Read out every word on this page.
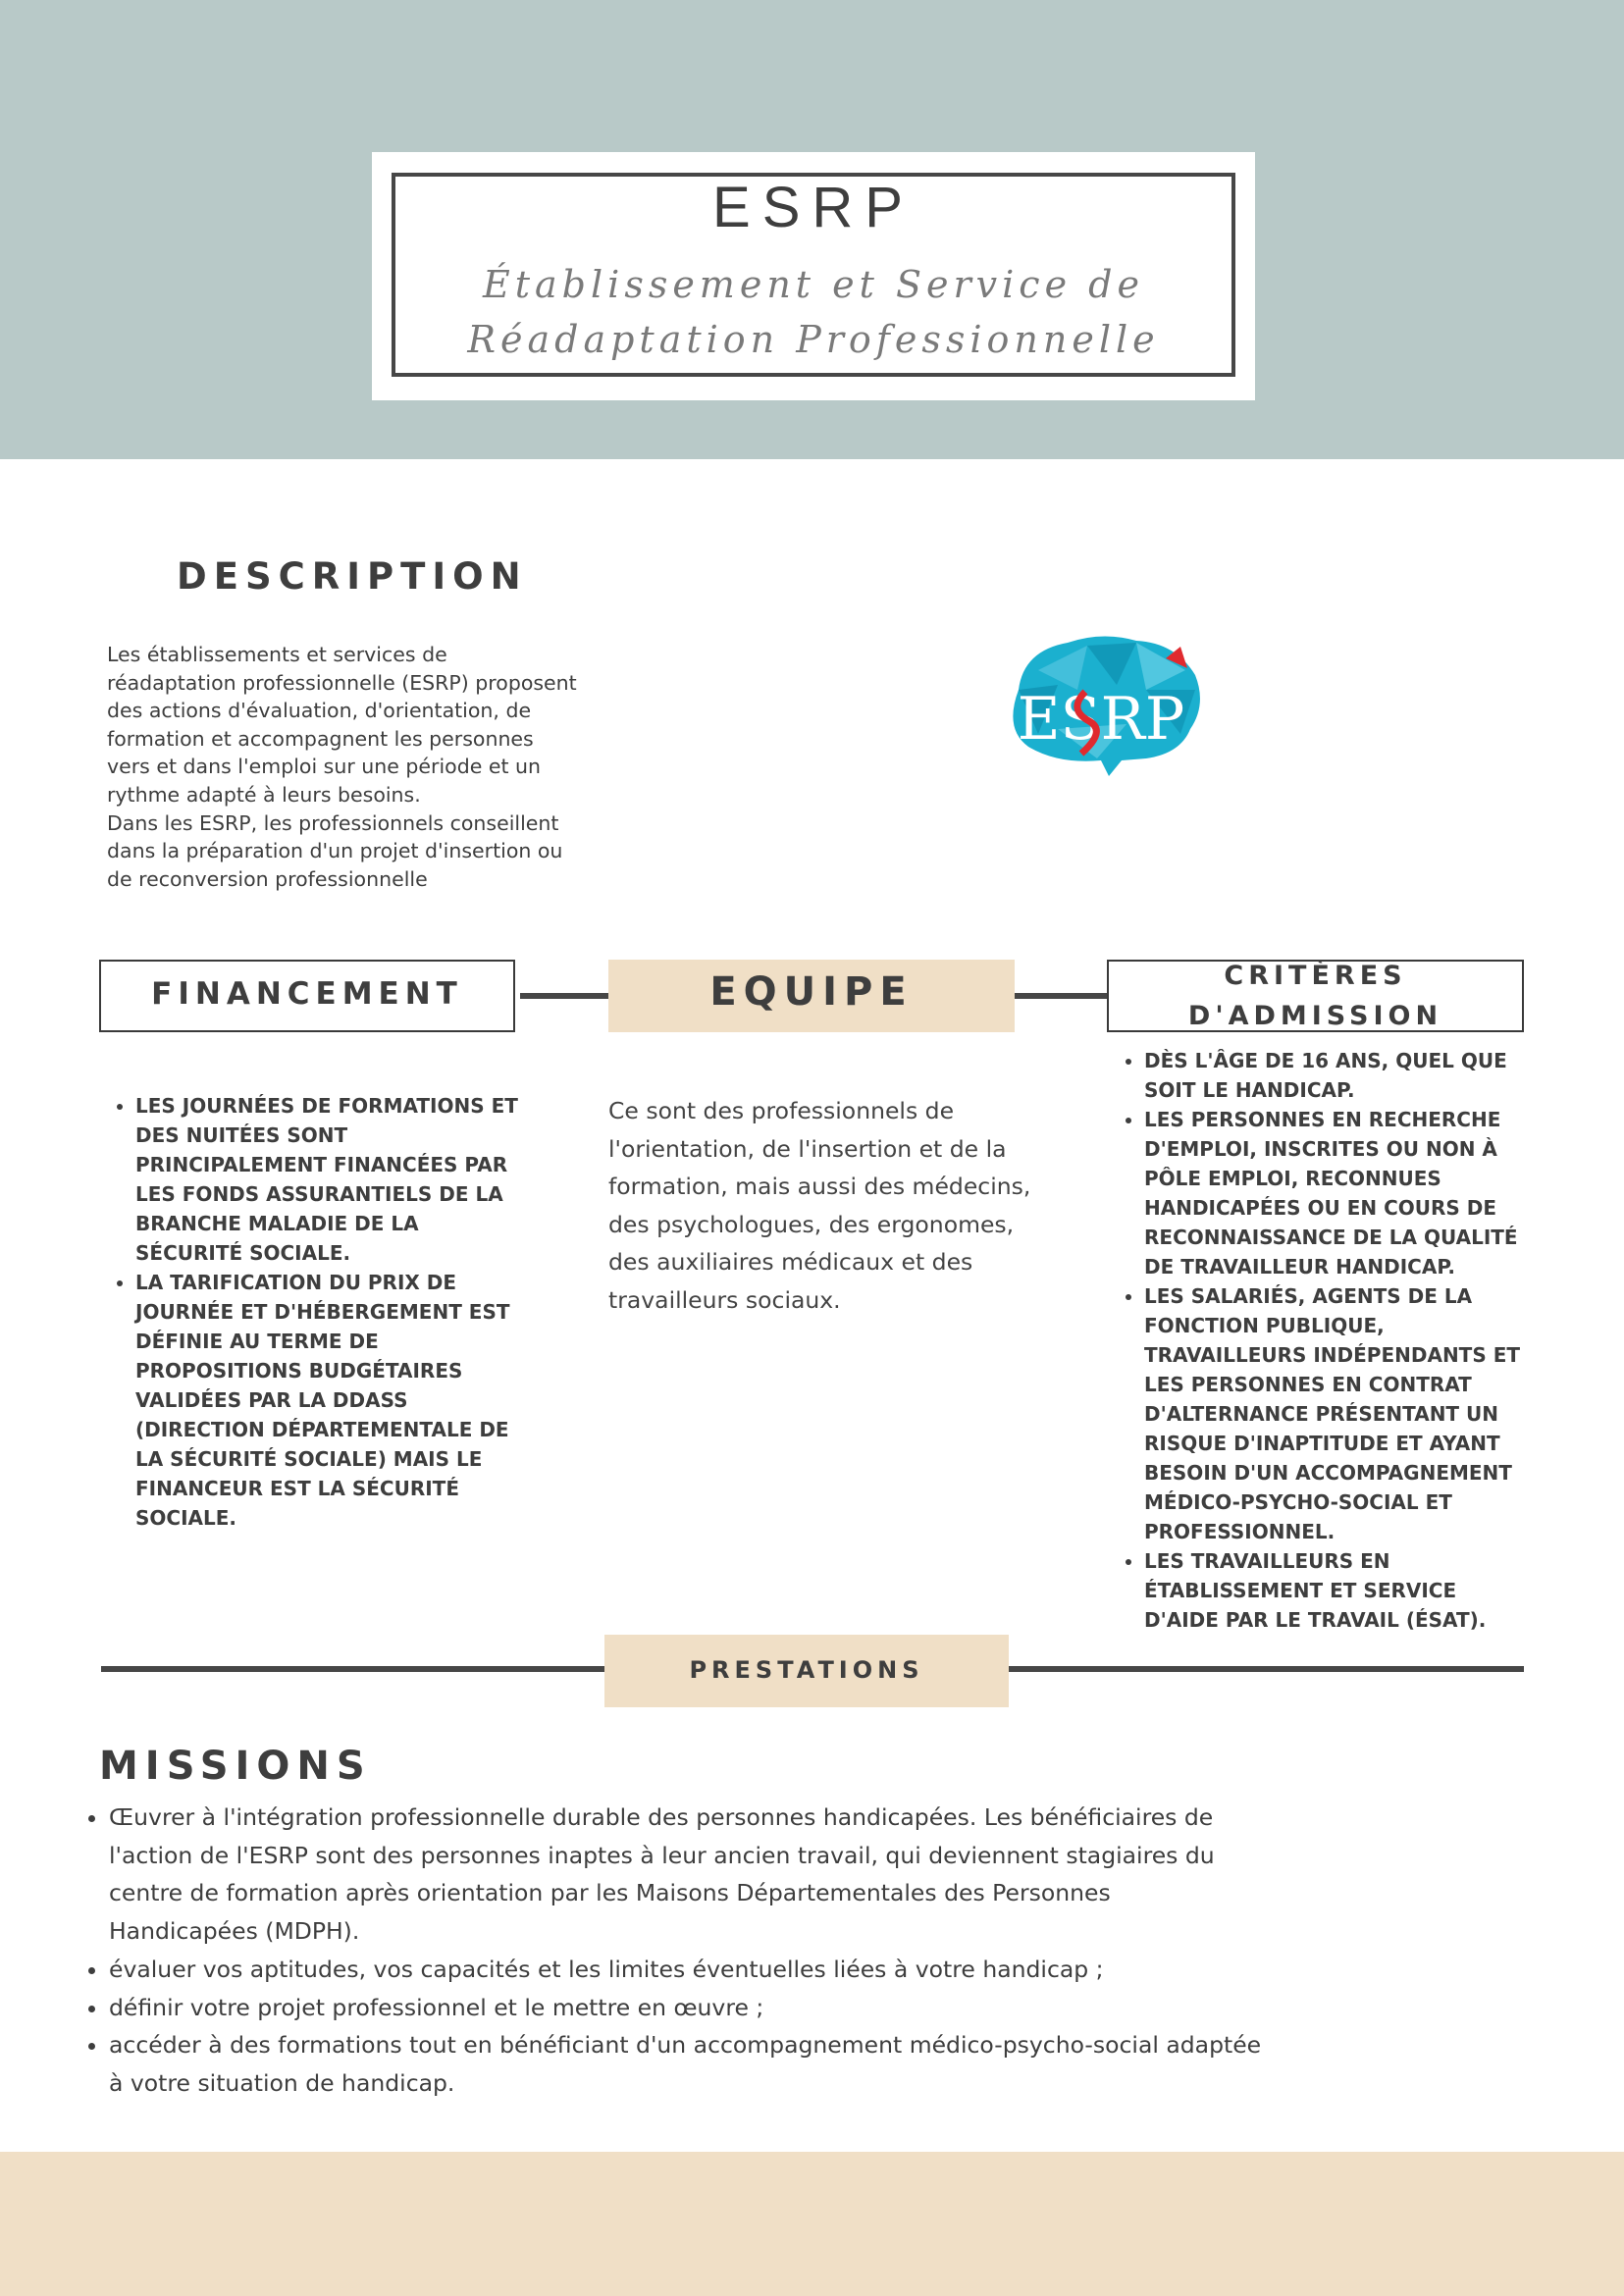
ESRP
Établissement et Service de
Réadaptation Professionnelle
DESCRIPTION

Les établissements et services de réadaptation professionnelle (ESRP) proposent des actions d'évaluation, d'orientation, de formation et accompagnent les personnes vers et dans l'emploi sur une période et un rythme adapté à leurs besoins.

Dans les ESRP, les professionnels conseillent dans la préparation d'un projet d'insertion ou de reconversion professionnelle

ESRP
FINANCEMENT	EQUIPE	CRITÈRES
D'ADMISSION
• LES JOURNÉES DE FORMATIONS ET DES NUITÉES SONT PRINCIPALEMENT FINANCÉES PAR LES FONDS ASSURANTIELS DE LA BRANCHE MALADIE DE LA SÉCURITÉ SOCIALE.
• LA TARIFICATION DU PRIX DE JOURNÉE ET D'HÉBERGEMENT EST DÉFINIE AU TERME DE PROPOSITIONS BUDGÉTAIRES VALIDÉES PAR LA DDASS (DIRECTION DÉPARTEMENTALE DE LA SÉCURITÉ SOCIALE) MAIS LE FINANCEUR EST LA SÉCURITÉ SOCIALE.
Ce sont des professionnels de l'orientation, de l'insertion et de la formation, mais aussi des médecins, des psychologues, des ergonomes, des auxiliaires médicaux et des travailleurs sociaux.
• DÈS L'ÂGE DE 16 ANS, QUEL QUE SOIT LE HANDICAP.
• LES PERSONNES EN RECHERCHE D'EMPLOI, INSCRITES OU NON À PÔLE EMPLOI, RECONNUES HANDICAPÉES OU EN COURS DE RECONNAISSANCE DE LA QUALITÉ DE TRAVAILLEUR HANDICAP.
• LES SALARIÉS, AGENTS DE LA FONCTION PUBLIQUE, TRAVAILLEURS INDÉPENDANTS ET LES PERSONNES EN CONTRAT D'ALTERNANCE PRÉSENTANT UN RISQUE D'INAPTITUDE ET AYANT BESOIN D'UN ACCOMPAGNEMENT MÉDICO-PSYCHO-SOCIAL ET PROFESSIONNEL.
• LES TRAVAILLEURS EN ÉTABLISSEMENT ET SERVICE D'AIDE PAR LE TRAVAIL (ÉSAT).
PRESTATIONS
MISSIONS
• Œuvrer à l'intégration professionnelle durable des personnes handicapées. Les bénéficiaires de l'action de l'ESRP sont des personnes inaptes à leur ancien travail, qui deviennent stagiaires du centre de formation après orientation par les Maisons Départementales des Personnes Handicapées (MDPH).
• évaluer vos aptitudes, vos capacités et les limites éventuelles liées à votre handicap ;
• définir votre projet professionnel et le mettre en œuvre ;
• accéder à des formations tout en bénéficiant d'un accompagnement médico-psycho-social adaptée à votre situation de handicap.
